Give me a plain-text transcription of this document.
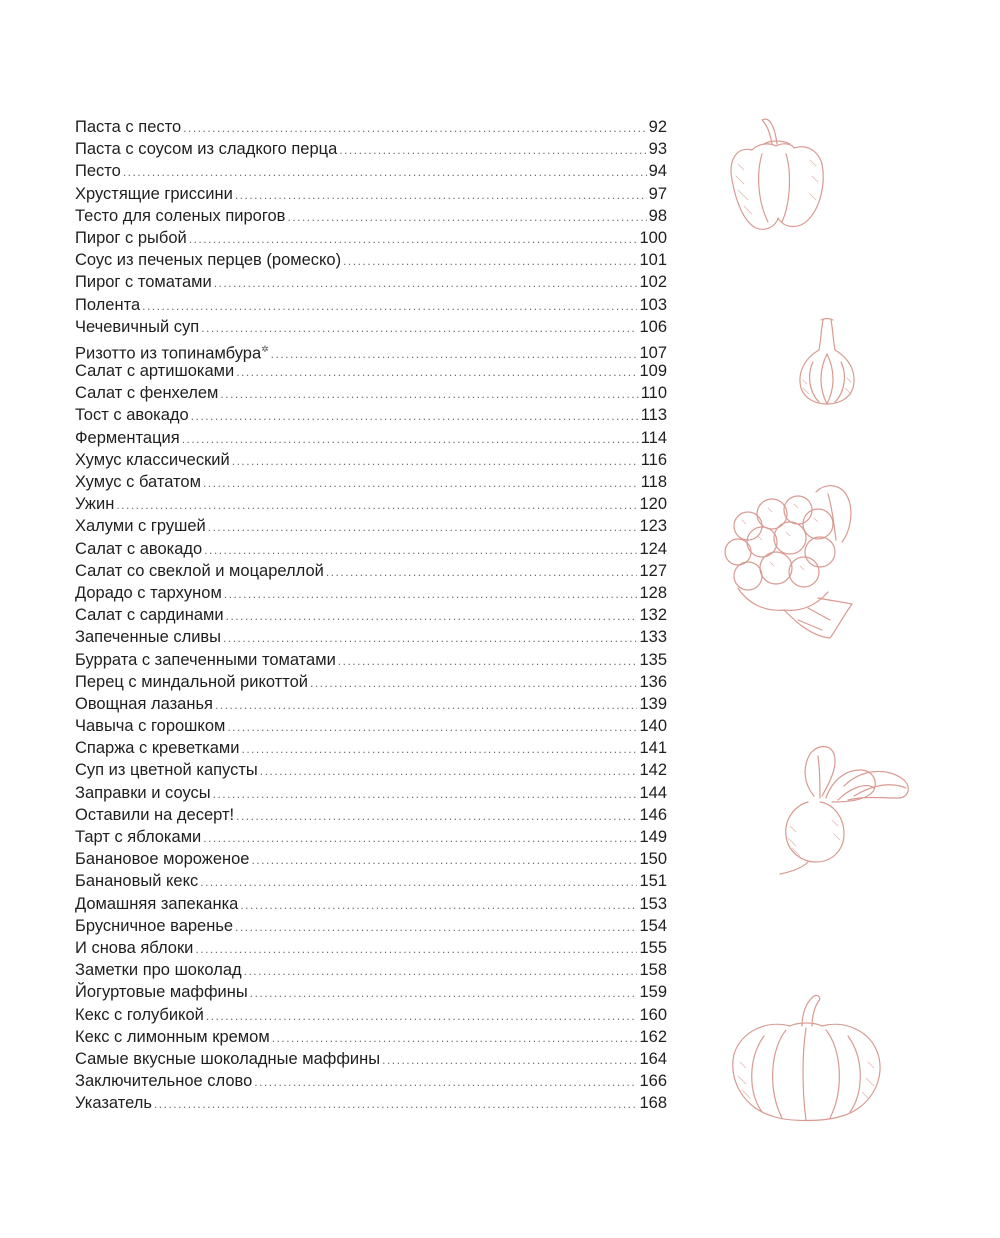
Паста с песто .....	92
Паста с соусом из сладкого перца .....	93
Песто .....	94
Хрустящие гриссини .....	97
Тесто для соленых пирогов .....	98
Пирог с рыбой .....	100
Соус из печеных перцев (ромеско) .....	101
Пирог с томатами .....	102
Полента .....	103
Чечевичный суп .....	106
Ризотто из топинамбура✲ .....	107
Салат с артишоками .....	109
Салат с фенхелем .....	110
Тост с авокадо .....	113
Ферментация .....	114
Хумус классический .....	116
Хумус с бататом .....	118
Ужин .....	120
Халуми с грушей .....	123
Салат с авокадо .....	124
Салат со свеклой и моцареллой .....	127
Дорадо с тархуном .....	128
Салат с сардинами .....	132
Запеченные сливы .....	133
Буррата с запеченными томатами .....	135
Перец с миндальной рикоттой .....	136
Овощная лазанья .....	139
Чавыча с горошком .....	140
Спаржа с креветками .....	141
Суп из цветной капусты .....	142
Заправки и соусы .....	144
Оставили на десерт! .....	146
Тарт с яблоками .....	149
Банановое мороженое .....	150
Банановый кекс .....	151
Домашняя запеканка .....	153
Брусничное варенье .....	154
И снова яблоки .....	155
Заметки про шоколад .....	158
Йогуртовые маффины .....	159
Кекс с голубикой .....	160
Кекс с лимонным кремом .....	162
Самые вкусные шоколадные маффины .....	164
Заключительное слово .....	166
Указатель .....	168
